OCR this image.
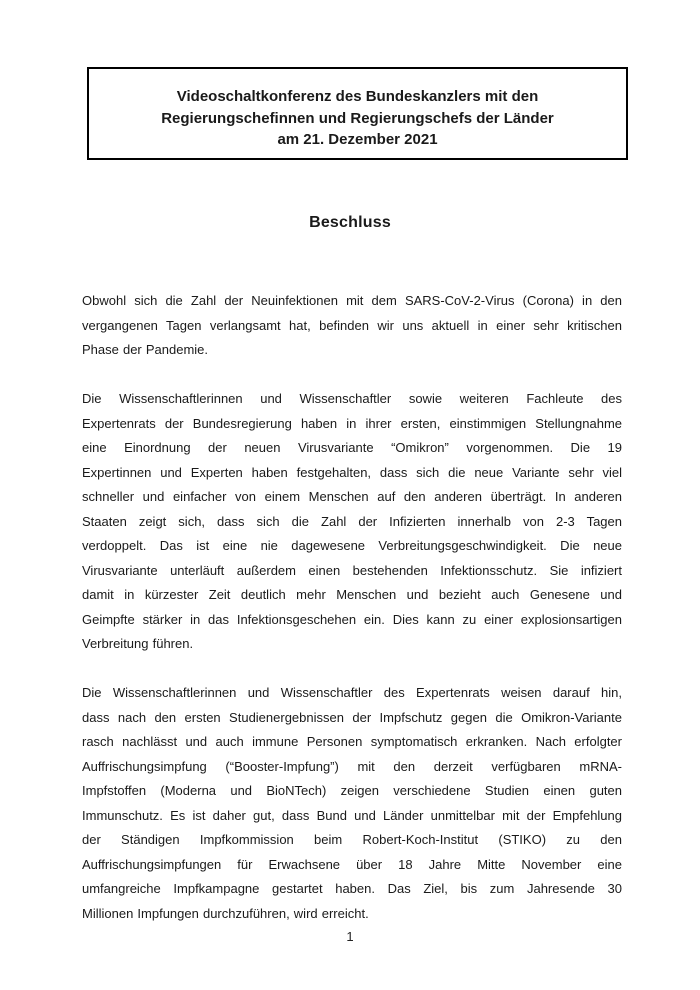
Videoschaltkonferenz des Bundeskanzlers mit den
Regierungschefinnen und Regierungschefs der Länder
am 21. Dezember 2021
Beschluss
Obwohl sich die Zahl der Neuinfektionen mit dem SARS-CoV-2-Virus (Corona) in den
vergangenen Tagen verlangsamt hat, befinden wir uns aktuell in einer sehr kritischen
Phase der Pandemie.
Die Wissenschaftlerinnen und Wissenschaftler sowie weiteren Fachleute des
Expertenrats der Bundesregierung haben in ihrer ersten, einstimmigen Stellungnahme
eine Einordnung der neuen Virusvariante “Omikron” vorgenommen. Die 19
Expertinnen und Experten haben festgehalten, dass sich die neue Variante sehr viel
schneller und einfacher von einem Menschen auf den anderen überträgt. In anderen
Staaten zeigt sich, dass sich die Zahl der Infizierten innerhalb von 2-3 Tagen
verdoppelt. Das ist eine nie dagewesene Verbreitungsgeschwindigkeit. Die neue
Virusvariante unterläuft außerdem einen bestehenden Infektionsschutz. Sie infiziert
damit in kürzester Zeit deutlich mehr Menschen und bezieht auch Genesene und
Geimpfte stärker in das Infektionsgeschehen ein. Dies kann zu einer explosionsartigen
Verbreitung führen.
Die Wissenschaftlerinnen und Wissenschaftler des Expertenrats weisen darauf hin,
dass nach den ersten Studienergebnissen der Impfschutz gegen die Omikron-Variante
rasch nachlässt und auch immune Personen symptomatisch erkranken. Nach erfolgter
Auffrischungsimpfung (“Booster-Impfung”) mit den derzeit verfügbaren mRNA-
Impfstoffen (Moderna und BioNTech) zeigen verschiedene Studien einen guten
Immunschutz. Es ist daher gut, dass Bund und Länder unmittelbar mit der Empfehlung
der Ständigen Impfkommission beim Robert-Koch-Institut (STIKO) zu den
Auffrischungsimpfungen für Erwachsene über 18 Jahre Mitte November eine
umfangreiche Impfkampagne gestartet haben. Das Ziel, bis zum Jahresende 30
Millionen Impfungen durchzuführen, wird erreicht.
1
